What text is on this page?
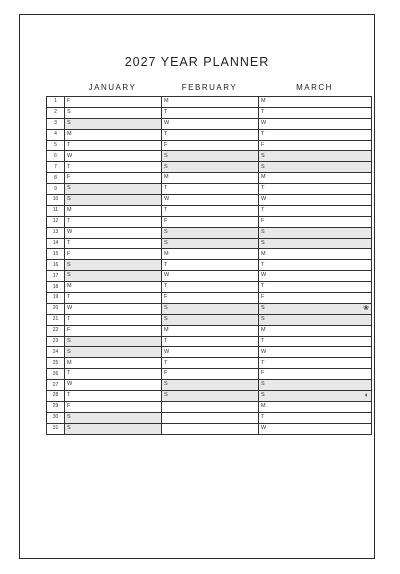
2027 YEAR PLANNER
JANUARY	FEBRUARY	MARCH
1	F	M	M
2	S	T	T
3	S	W	W
4	M	T	T
5	T	F	F
6	W	S	S
7	T	S	S
8	F	M	M
9	S	T	T
10	S	W	W
11	M	T	T
12	T	F	F
13	W	S	S
14	T	S	S
15	F	M	M
16	S	T	T
17	S	W	W
18	M	T	T
19	T	F	F
20	W	S	S ❀

21	T	S	S
22	F	M	M
23	S	T	T
24	S	W	W
25	M	T	T
26	T	F	F
27	W	S	S
28	T	S	S ◐

29	F		M
30	S		T
31	S		W
